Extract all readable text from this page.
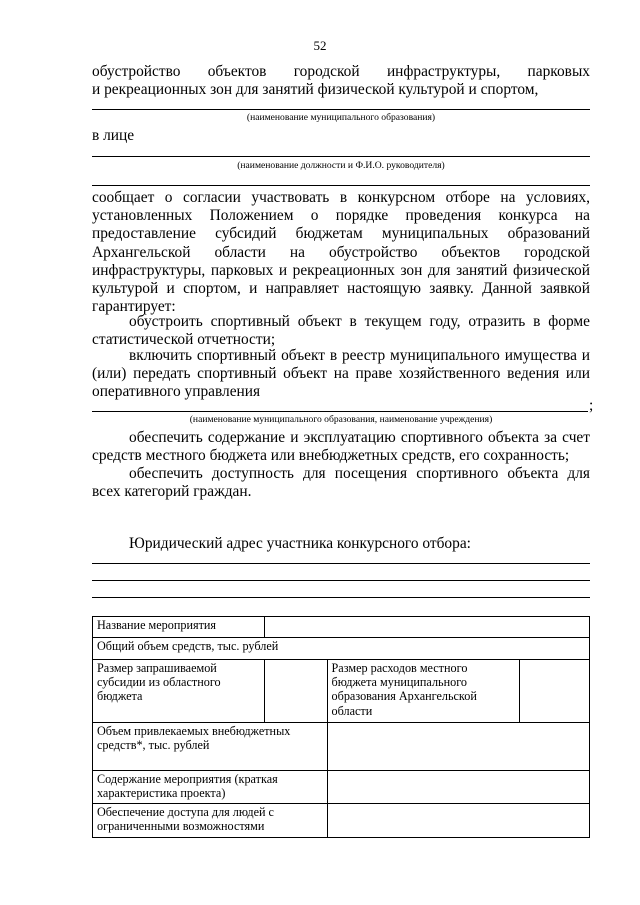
52
обустройство объектов городской инфраструктуры, парковых
и рекреационных зон для занятий физической культурой и спортом,
(наименование муниципального образования)
в лице
(наименование должности и Ф.И.О. руководителя)
сообщает о согласии участвовать в конкурсном отборе на условиях, установленных Положением о порядке проведения конкурса на предоставление субсидий бюджетам муниципальных образований Архангельской области на обустройство объектов городской инфраструктуры, парковых и рекреационных зон для занятий физической культурой и спортом, и направляет настоящую заявку. Данной заявкой гарантирует:
обустроить спортивный объект в текущем году, отразить в форме статистической отчетности;
включить спортивный объект в реестр муниципального имущества и (или) передать спортивный объект на праве хозяйственного ведения или оперативного управления
;
(наименование муниципального образования, наименование учреждения)
обеспечить содержание и эксплуатацию спортивного объекта за счет средств местного бюджета или внебюджетных средств, его сохранность;
обеспечить доступность для посещения спортивного объекта для всех категорий граждан.
Юридический адрес участника конкурсного отбора:
Название мероприятия			
Общий объем средств, тыс. рублей			
Размер запрашиваемой субсидии из областного бюджета		Размер расходов местного бюджета муниципального образования Архангельской области	
Объем привлекаемых внебюджетных средств*, тыс. рублей			
Содержание мероприятия (краткая характеристика проекта)			
Обеспечение доступа для людей с ограниченными возможностями			
